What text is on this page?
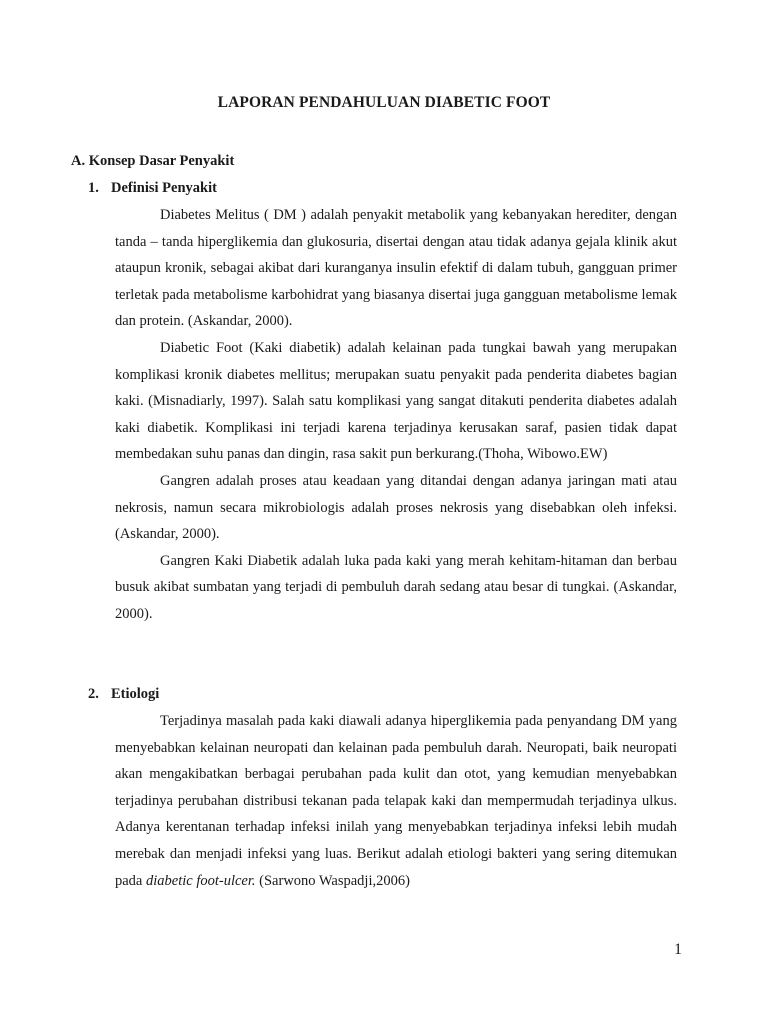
LAPORAN PENDAHULUAN DIABETIC FOOT
A. Konsep Dasar Penyakit
1. Definisi Penyakit

Diabetes Melitus ( DM ) adalah penyakit metabolik yang kebanyakan herediter, dengan tanda – tanda hiperglikemia dan glukosuria, disertai dengan atau tidak adanya gejala klinik akut ataupun kronik, sebagai akibat dari kuranganya insulin efektif di dalam tubuh, gangguan primer terletak pada metabolisme karbohidrat yang biasanya disertai juga gangguan metabolisme lemak dan protein. (Askandar, 2000).

Diabetic Foot (Kaki diabetik) adalah kelainan pada tungkai bawah yang merupakan komplikasi kronik diabetes mellitus; merupakan suatu penyakit pada penderita diabetes bagian kaki. (Misnadiarly, 1997). Salah satu komplikasi yang sangat ditakuti penderita diabetes adalah kaki diabetik. Komplikasi ini terjadi karena terjadinya kerusakan saraf, pasien tidak dapat membedakan suhu panas dan dingin, rasa sakit pun berkurang.(Thoha, Wibowo.EW)

Gangren adalah proses atau keadaan yang ditandai dengan adanya jaringan mati atau nekrosis, namun secara mikrobiologis adalah proses nekrosis yang disebabkan oleh infeksi. (Askandar, 2000).

Gangren Kaki Diabetik adalah luka pada kaki yang merah kehitam-hitaman dan berbau busuk akibat sumbatan yang terjadi di pembuluh darah sedang atau besar di tungkai. (Askandar, 2000).

2. Etiologi

Terjadinya masalah pada kaki diawali adanya hiperglikemia pada penyandang DM yang menyebabkan kelainan neuropati dan kelainan pada pembuluh darah. Neuropati, baik neuropati akan mengakibatkan berbagai perubahan pada kulit dan otot, yang kemudian menyebabkan terjadinya perubahan distribusi tekanan pada telapak kaki dan mempermudah terjadinya ulkus. Adanya kerentanan terhadap infeksi inilah yang menyebabkan terjadinya infeksi lebih mudah merebak dan menjadi infeksi yang luas. Berikut adalah etiologi bakteri yang sering ditemukan pada diabetic foot-ulcer. (Sarwono Waspadji,2006)

1
